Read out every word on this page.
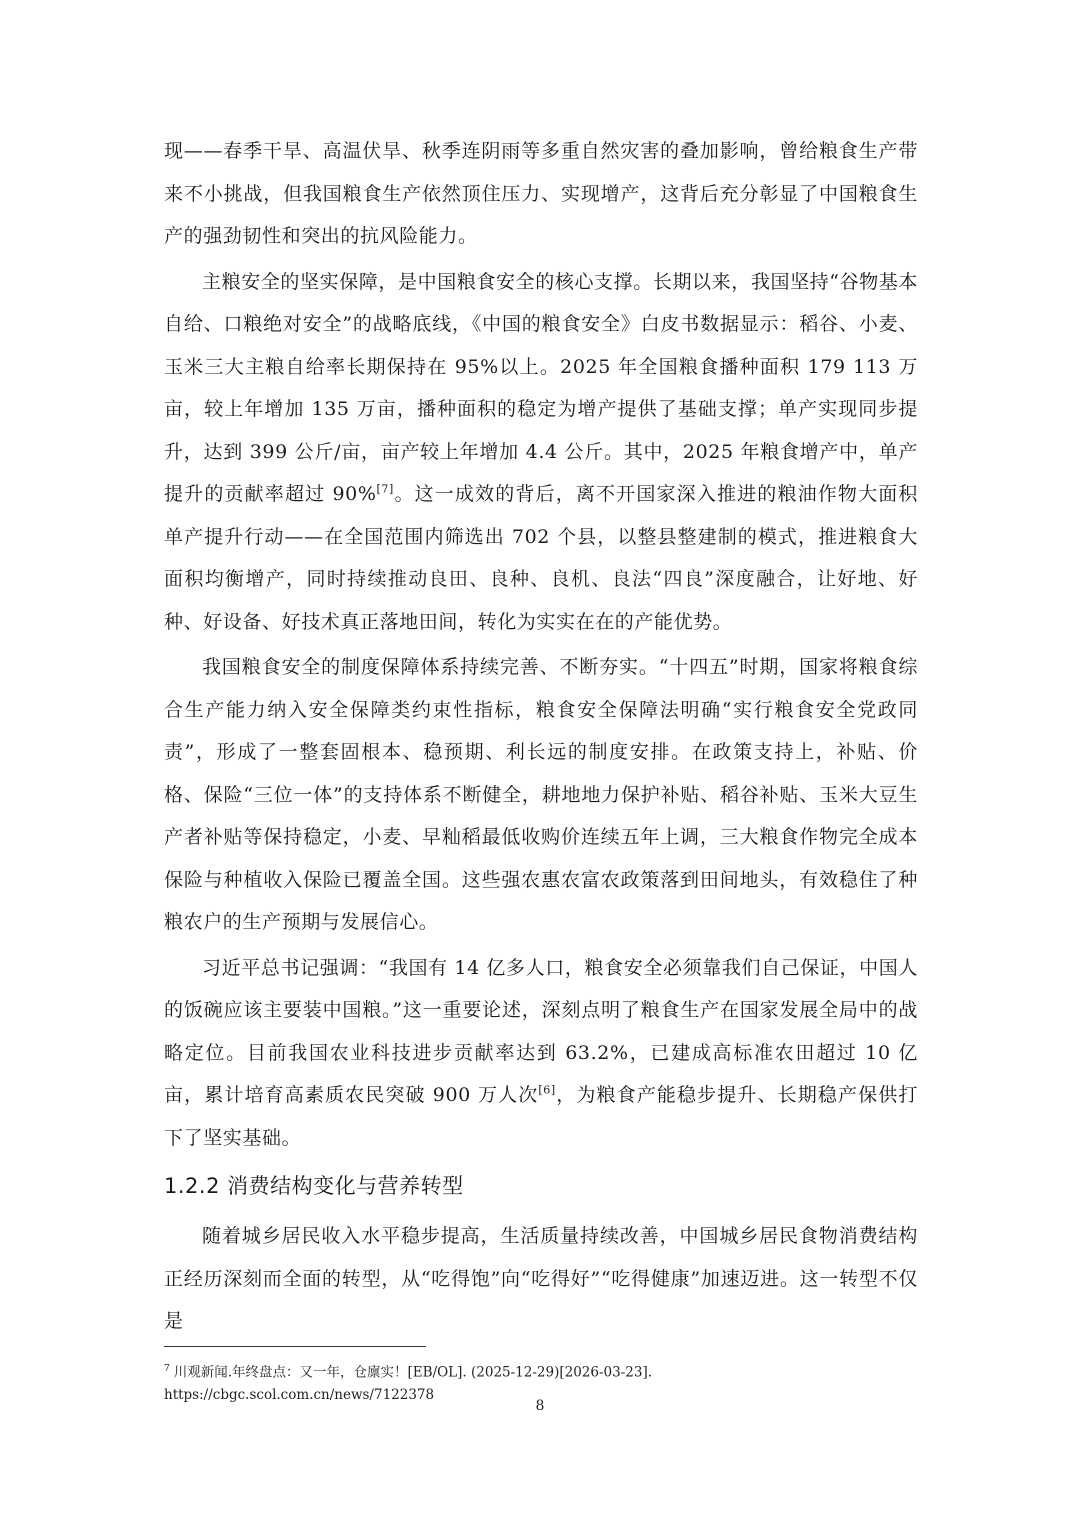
现——春季干旱、高温伏旱、秋季连阴雨等多重自然灾害的叠加影响，曾给粮食生产带来不小挑战，但我国粮食生产依然顶住压力、实现增产，这背后充分彰显了中国粮食生产的强劲韧性和突出的抗风险能力。

主粮安全的坚实保障，是中国粮食安全的核心支撑。长期以来，我国坚持“谷物基本自给、口粮绝对安全”的战略底线，《中国的粮食安全》白皮书数据显示：稻谷、小麦、玉米三大主粮自给率长期保持在 95%以上。2025 年全国粮食播种面积 179 113 万亩，较上年增加 135 万亩，播种面积的稳定为增产提供了基础支撑；单产实现同步提升，达到 399 公斤/亩，亩产较上年增加 4.4 公斤。其中，2025 年粮食增产中，单产提升的贡献率超过 90%[7]。这一成效的背后，离不开国家深入推进的粮油作物大面积单产提升行动——在全国范围内筛选出 702 个县，以整县整建制的模式，推进粮食大面积均衡增产，同时持续推动良田、良种、良机、良法“四良”深度融合，让好地、好种、好设备、好技术真正落地田间，转化为实实在在的产能优势。

我国粮食安全的制度保障体系持续完善、不断夯实。“十四五”时期，国家将粮食综合生产能力纳入安全保障类约束性指标，粮食安全保障法明确“实行粮食安全党政同责”，形成了一整套固根本、稳预期、利长远的制度安排。在政策支持上，补贴、价格、保险“三位一体”的支持体系不断健全，耕地地力保护补贴、稻谷补贴、玉米大豆生产者补贴等保持稳定，小麦、早籼稻最低收购价连续五年上调，三大粮食作物完全成本保险与种植收入保险已覆盖全国。这些强农惠农富农政策落到田间地头，有效稳住了种粮农户的生产预期与发展信心。

习近平总书记强调：“我国有 14 亿多人口，粮食安全必须靠我们自己保证，中国人的饭碗应该主要装中国粮。”这一重要论述，深刻点明了粮食生产在国家发展全局中的战略定位。目前我国农业科技进步贡献率达到 63.2%，已建成高标准农田超过 10 亿亩，累计培育高素质农民突破 900 万人次[6]，为粮食产能稳步提升、长期稳产保供打下了坚实基础。

1.2.2 消费结构变化与营养转型

随着城乡居民收入水平稳步提高，生活质量持续改善，中国城乡居民食物消费结构正经历深刻而全面的转型，从“吃得饱”向“吃得好”“吃得健康”加速迈进。这一转型不仅是

$^7$ 川观新闻.年终盘点：又一年，仓廪实！[EB/OL]. (2025-12-29)[2026-03-23].
https://cbgc.scol.com.cn/news/7122378
8
